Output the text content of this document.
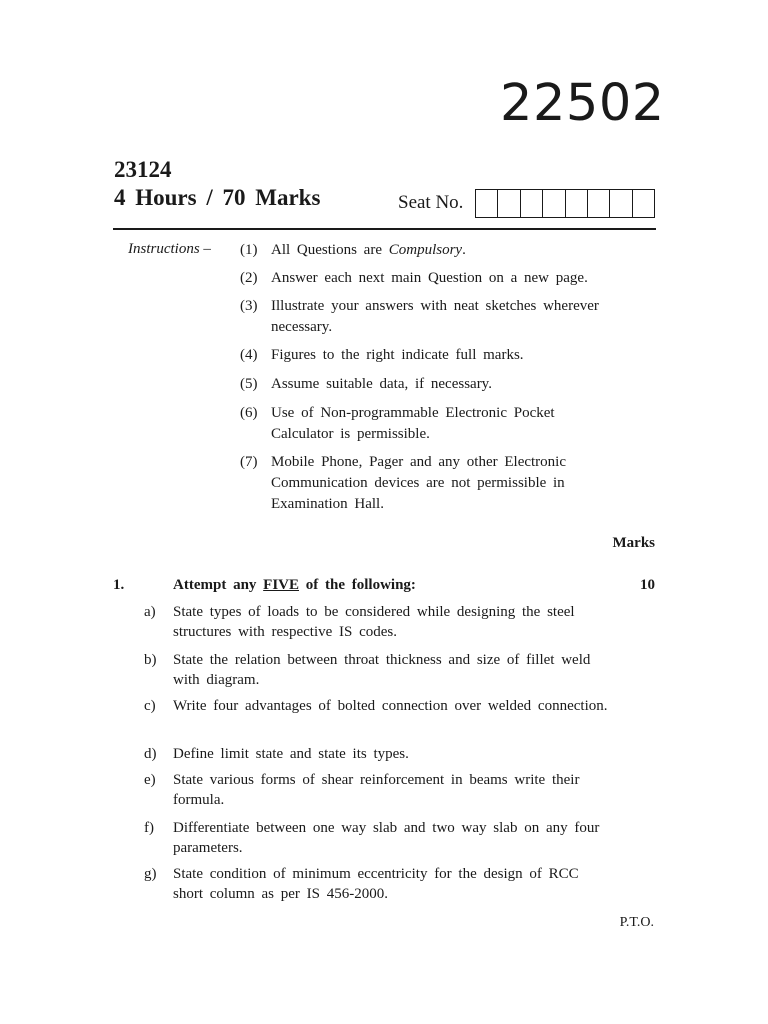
22502
23124
4 Hours / 70 Marks	Seat No.
Instructions – (1) All Questions are Compulsory.
(2) Answer each next main Question on a new page.
(3) Illustrate your answers with neat sketches wherever necessary.
(4) Figures to the right indicate full marks.
(5) Assume suitable data, if necessary.
(6) Use of Non-programmable Electronic Pocket Calculator is permissible.
(7) Mobile Phone, Pager and any other Electronic Communication devices are not permissible in Examination Hall.
Marks
1.	Attempt any FIVE of the following:	10
a) State types of loads to be considered while designing the steel structures with respective IS codes.
b) State the relation between throat thickness and size of fillet weld with diagram.
c) Write four advantages of bolted connection over welded connection.
d) Define limit state and state its types.
e) State various forms of shear reinforcement in beams write their formula.
f) Differentiate between one way slab and two way slab on any four parameters.
g) State condition of minimum eccentricity for the design of RCC short column as per IS 456-2000.
P.T.O.
